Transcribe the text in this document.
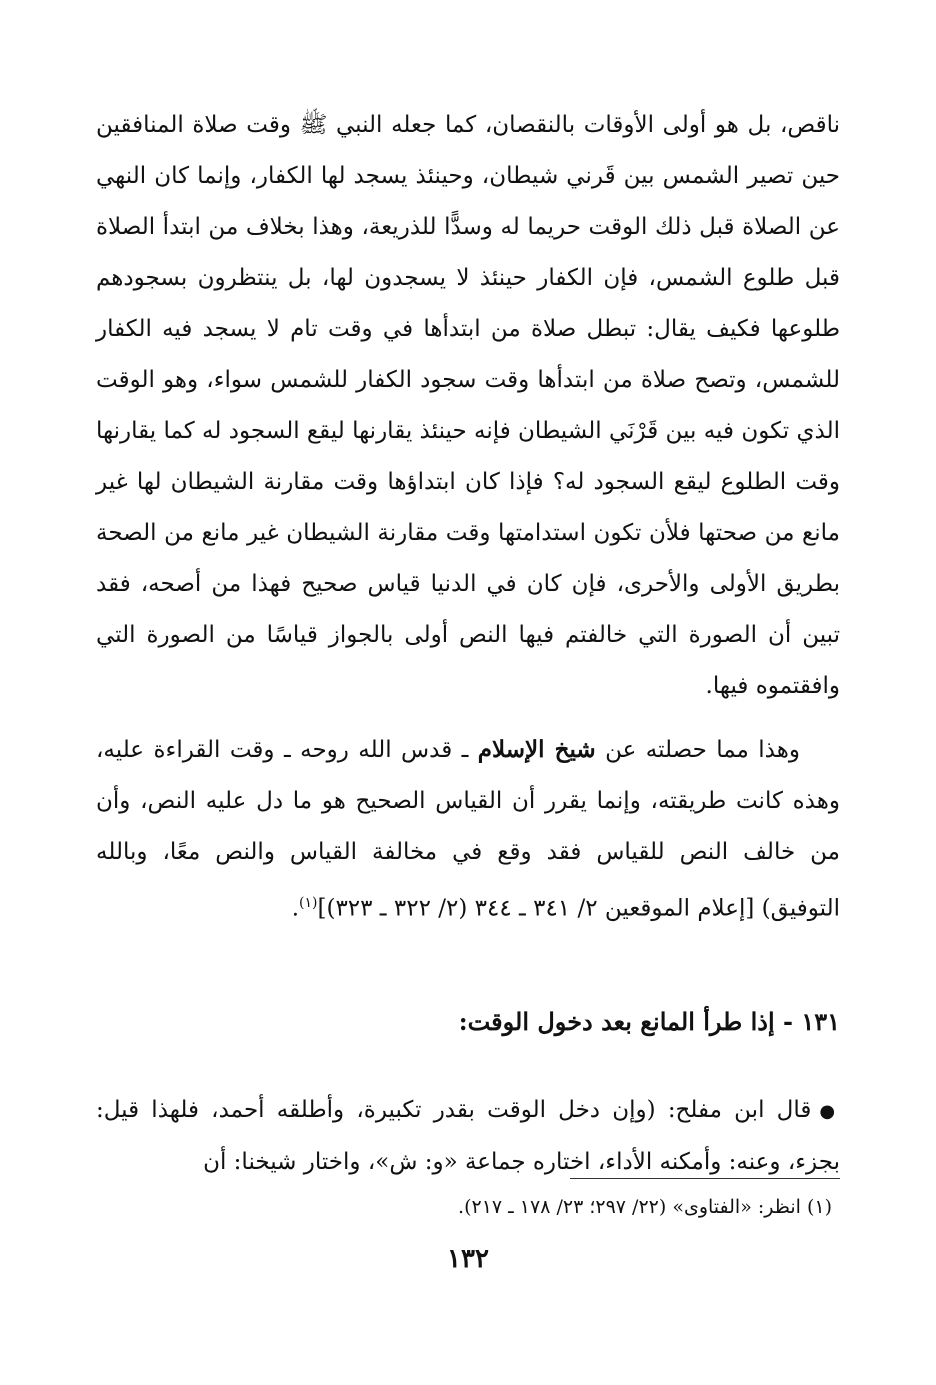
ناقص، بل هو أولى الأوقات بالنقصان، كما جعله النبي ﷺ وقت صلاة المنافقين حين تصير الشمس بين قَرني شيطان، وحينئذ يسجد لها الكفار، وإنما كان النهي عن الصلاة قبل ذلك الوقت حريما له وسدًّا للذريعة، وهذا بخلاف من ابتدأ الصلاة قبل طلوع الشمس، فإن الكفار حينئذ لا يسجدون لها، بل ينتظرون بسجودهم طلوعها فكيف يقال: تبطل صلاة من ابتدأها في وقت تام لا يسجد فيه الكفار للشمس، وتصح صلاة من ابتدأها وقت سجود الكفار للشمس سواء، وهو الوقت الذي تكون فيه بين قَرْنَي الشيطان فإنه حينئذ يقارنها ليقع السجود له كما يقارنها وقت الطلوع ليقع السجود له؟ فإذا كان ابتداؤها وقت مقارنة الشيطان لها غير مانع من صحتها فلأن تكون استدامتها وقت مقارنة الشيطان غير مانع من الصحة بطريق الأولى والأحرى، فإن كان في الدنيا قياس صحيح فهذا من أصحه، فقد تبين أن الصورة التي خالفتم فيها النص أولى بالجواز قياسًا من الصورة التي وافقتموه فيها.

وهذا مما حصلته عن شيخ الإسلام ـ قدس الله روحه ـ وقت القراءة عليه، وهذه كانت طريقته، وإنما يقرر أن القياس الصحيح هو ما دل عليه النص، وأن من خالف النص للقياس فقد وقع في مخالفة القياس والنص معًا، وبالله التوفيق) [إعلام الموقعين ٢/ ٣٤١ ـ ٣٤٤ (٢/ ٣٢٢ ـ ٣٢٣)]$^{(١)}$.

١٣١ - إذا طرأ المانع بعد دخول الوقت:

●قال ابن مفلح: (وإن دخل الوقت بقدر تكبيرة، وأطلقه أحمد، فلهذا قيل: بجزء، وعنه: وأمكنه الأداء، اختاره جماعة «و: ش»، واختار شيخنا: أن

(١) انظر: «الفتاوى» (٢٢/ ٢٩٧؛ ٢٣/ ١٧٨ ـ ٢١٧).
١٣٢
